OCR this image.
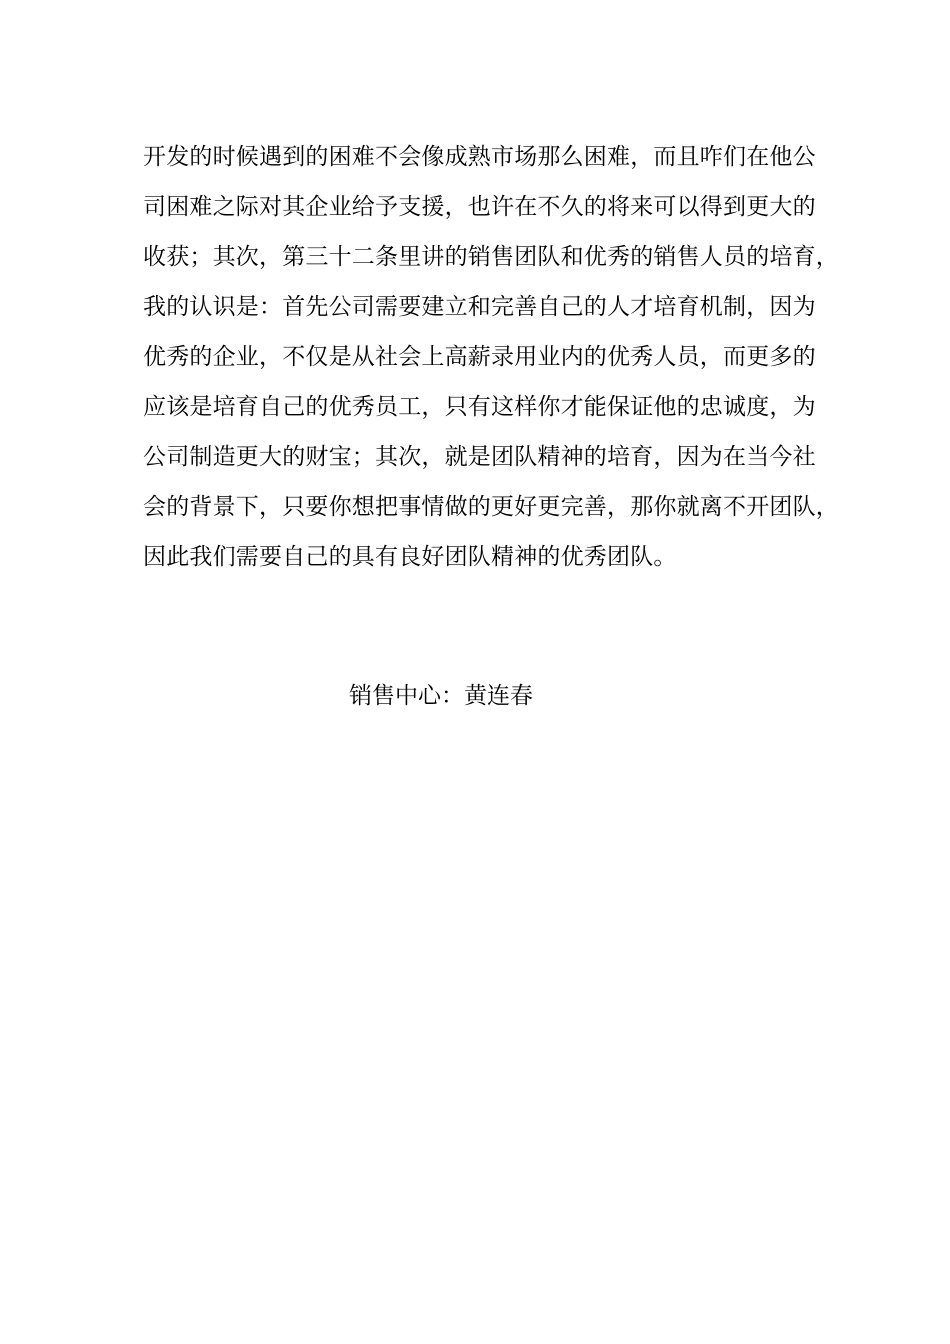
开发的时候遇到的困难不会像成熟市场那么困难，而且咋们在他公
司困难之际对其企业给予支援，也许在不久的将来可以得到更大的
收获；其次，第三十二条里讲的销售团队和优秀的销售人员的培育，
我的认识是：首先公司需要建立和完善自己的人才培育机制，因为
优秀的企业，不仅是从社会上高薪录用业内的优秀人员，而更多的
应该是培育自己的优秀员工，只有这样你才能保证他的忠诚度，为
公司制造更大的财宝；其次，就是团队精神的培育，因为在当今社
会的背景下，只要你想把事情做的更好更完善，那你就离不开团队，
因此我们需要自己的具有良好团队精神的优秀团队。
销售中心：黄连春
